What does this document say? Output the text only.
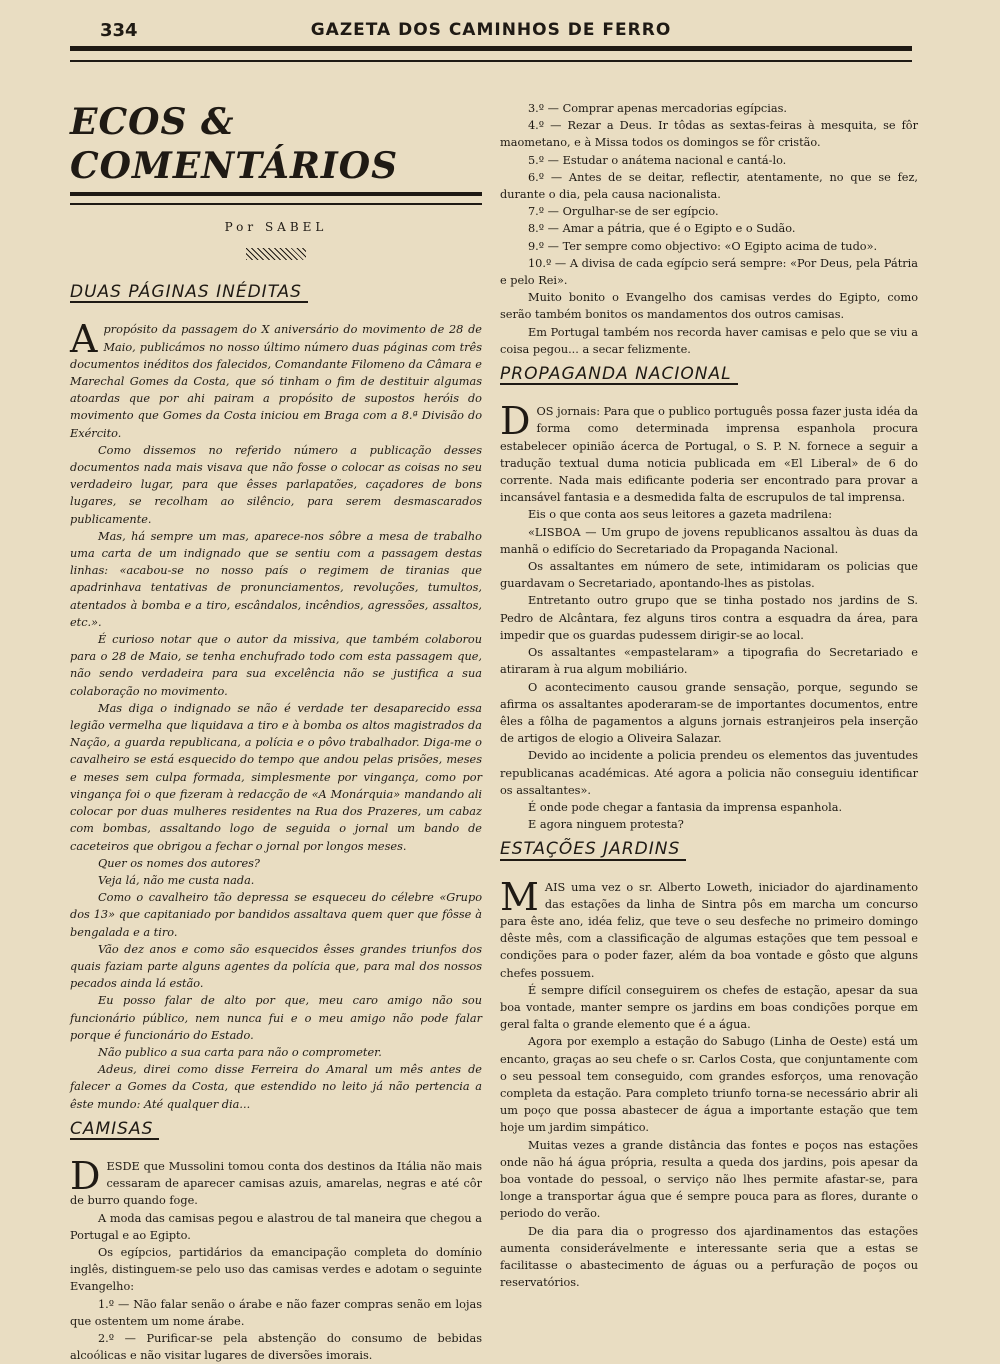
334	GAZETA DOS CAMINHOS DE FERRO
ECOS & COMENTÁRIOS
Por SABEL
DUAS PÁGINAS INÉDITAS

Apropósito da passagem do X aniversário do movimento de 28 de Maio, publicámos no nosso último número duas páginas com três documentos inéditos dos falecidos, Comandante Filomeno da Câmara e Marechal Gomes da Costa, que só tinham o fim de destituir algumas atoardas que por ahi pairam a propósito de supostos heróis do movimento que Gomes da Costa iniciou em Braga com a 8.ª Divisão do Exército.

Como dissemos no referido número a publicação desses documentos nada mais visava que não fosse o colocar as coisas no seu verdadeiro lugar, para que êsses parlapatões, caçadores de bons lugares, se recolham ao silêncio, para serem desmascarados publicamente.

Mas, há sempre um mas, aparece-nos sôbre a mesa de trabalho uma carta de um indignado que se sentiu com a passagem destas linhas: «acabou-se no nosso país o regimem de tiranias que apadrinhava tentativas de pronunciamentos, revoluções, tumultos, atentados à bomba e a tiro, escândalos, incêndios, agressões, assaltos, etc.».

É curioso notar que o autor da missiva, que também colaborou para o 28 de Maio, se tenha enchufrado todo com esta passagem que, não sendo verdadeira para sua excelência não se justifica a sua colaboração no movimento.

Mas diga o indignado se não é verdade ter desaparecido essa legião vermelha que liquidava a tiro e à bomba os altos magistrados da Nação, a guarda republicana, a polícia e o pôvo trabalhador. Diga-me o cavalheiro se está esquecido do tempo que andou pelas prisões, meses e meses sem culpa formada, simplesmente por vingança, como por vingança foi o que fizeram à redacção de «A Monárquia» mandando ali colocar por duas mulheres residentes na Rua dos Prazeres, um cabaz com bombas, assaltando logo de seguida o jornal um bando de caceteiros que obrigou a fechar o jornal por longos meses.

Quer os nomes dos autores?

Veja lá, não me custa nada.

Como o cavalheiro tão depressa se esqueceu do célebre «Grupo dos 13» que capitaniado por bandidos assaltava quem quer que fôsse à bengalada e a tiro.

Vão dez anos e como são esquecidos êsses grandes triunfos dos quais faziam parte alguns agentes da polícia que, para mal dos nossos pecados ainda lá estão.

Eu posso falar de alto por que, meu caro amigo não sou funcionário público, nem nunca fui e o meu amigo não pode falar porque é funcionário do Estado.

Não publico a sua carta para não o comprometer.

Adeus, direi como disse Ferreira do Amaral um mês antes de falecer a Gomes da Costa, que estendido no leito já não pertencia a êste mundo: Até qualquer dia...

CAMISAS

DESDE que Mussolini tomou conta dos destinos da Itália não mais cessaram de aparecer camisas azuis, amarelas, negras e até côr de burro quando foge.

A moda das camisas pegou e alastrou de tal maneira que chegou a Portugal e ao Egipto.

Os egípcios, partidários da emancipação completa do domínio inglês, distinguem-se pelo uso das camisas verdes e adotam o seguinte Evangelho:

1.º — Não falar senão o árabe e não fazer compras senão em lojas que ostentem um nome árabe.

2.º — Purificar-se pela abstenção do consumo de bebidas alcoólicas e não visitar lugares de diversões imorais.

3.º — Comprar apenas mercadorias egípcias.

4.º — Rezar a Deus. Ir tôdas as sextas-feiras à mesquita, se fôr maometano, e à Missa todos os domingos se fôr cristão.

5.º — Estudar o anátema nacional e cantá-lo.

6.º — Antes de se deitar, reflectir, atentamente, no que se fez, durante o dia, pela causa nacionalista.

7.º — Orgulhar-se de ser egípcio.

8.º — Amar a pátria, que é o Egipto e o Sudão.

9.º — Ter sempre como objectivo: «O Egipto acima de tudo».

10.º — A divisa de cada egípcio será sempre: «Por Deus, pela Pátria e pelo Rei».

Muito bonito o Evangelho dos camisas verdes do Egipto, como serão também bonitos os mandamentos dos outros camisas.

Em Portugal também nos recorda haver camisas e pelo que se viu a coisa pegou... a secar felizmente.

PROPAGANDA NACIONAL

DOS jornais: Para que o publico português possa fazer justa idéa da forma como determinada imprensa espanhola procura estabelecer opinião ácerca de Portugal, o S. P. N. fornece a seguir a tradução textual duma noticia publicada em «El Liberal» de 6 do corrente. Nada mais edificante poderia ser encontrado para provar a incansável fantasia e a desmedida falta de escrupulos de tal imprensa.

Eis o que conta aos seus leitores a gazeta madrilena:

«LISBOA — Um grupo de jovens republicanos assaltou às duas da manhã o edifício do Secretariado da Propaganda Nacional.

Os assaltantes em número de sete, intimidaram os policias que guardavam o Secretariado, apontando-lhes as pistolas.

Entretanto outro grupo que se tinha postado nos jardins de S. Pedro de Alcântara, fez alguns tiros contra a esquadra da área, para impedir que os guardas pudessem dirigir-se ao local.

Os assaltantes «empastelaram» a tipografia do Secretariado e atiraram à rua algum mobiliário.

O acontecimento causou grande sensação, porque, segundo se afirma os assaltantes apoderaram-se de importantes documentos, entre êles a fôlha de pagamentos a alguns jornais estranjeiros pela inserção de artigos de elogio a Oliveira Salazar.

Devido ao incidente a policia prendeu os elementos das juventudes republicanas académicas. Até agora a policia não conseguiu identificar os assaltantes».

É onde pode chegar a fantasia da imprensa espanhola.

E agora ninguem protesta?

ESTAÇÕES JARDINS

MAIS uma vez o sr. Alberto Loweth, iniciador do ajardinamento das estações da linha de Sintra pôs em marcha um concurso para êste ano, idéa feliz, que teve o seu desfeche no primeiro domingo dêste mês, com a classificação de algumas estações que tem pessoal e condições para o poder fazer, além da boa vontade e gôsto que alguns chefes possuem.

É sempre difícil conseguirem os chefes de estação, apesar da sua boa vontade, manter sempre os jardins em boas condições porque em geral falta o grande elemento que é a água.

Agora por exemplo a estação do Sabugo (Linha de Oeste) está um encanto, graças ao seu chefe o sr. Carlos Costa, que conjuntamente com o seu pessoal tem conseguido, com grandes esforços, uma renovação completa da estação. Para completo triunfo torna-se necessário abrir ali um poço que possa abastecer de água a importante estação que tem hoje um jardim simpático.

Muitas vezes a grande distância das fontes e poços nas estações onde não há água própria, resulta a queda dos jardins, pois apesar da boa vontade do pessoal, o serviço não lhes permite afastar-se, para longe a transportar água que é sempre pouca para as flores, durante o periodo do verão.

De dia para dia o progresso dos ajardinamentos das estações aumenta considerávelmente e interessante seria que a estas se facilitasse o abastecimento de águas ou a perfuração de poços ou reservatórios.
